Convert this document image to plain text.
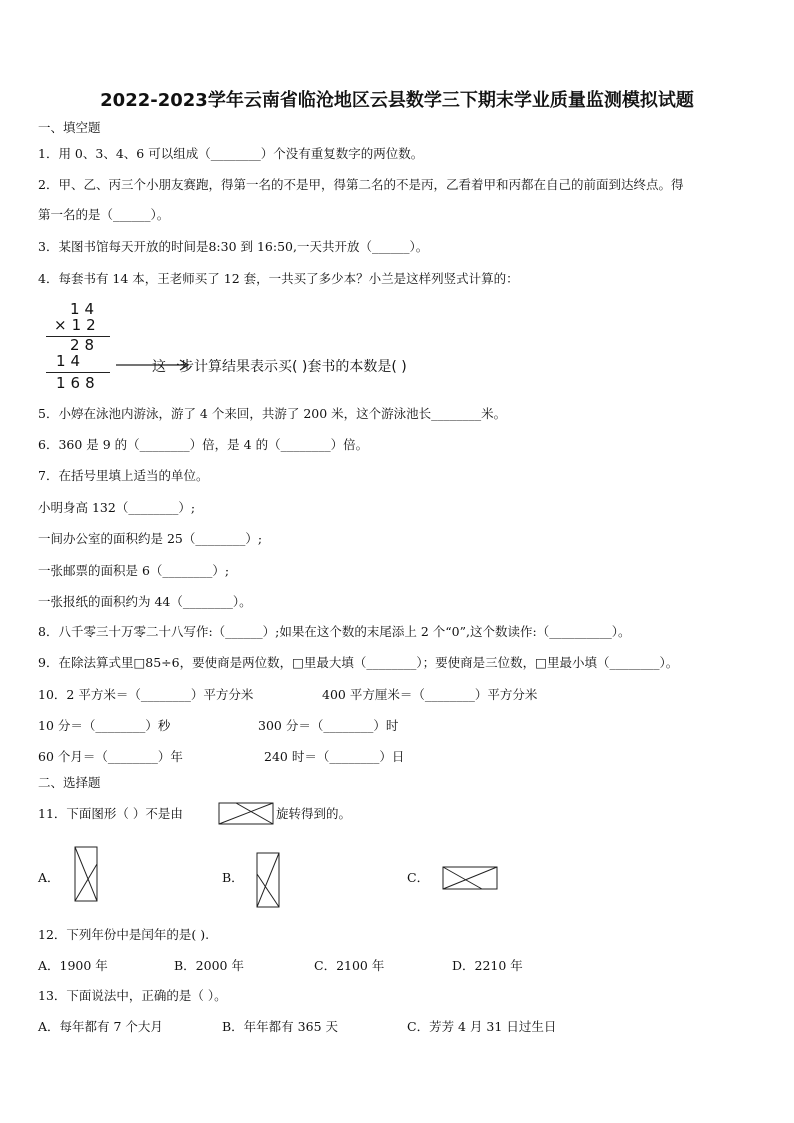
2022-2023学年云南省临沧地区云县数学三下期末学业质量监测模拟试题
一、填空题
1．用 0、3、4、6 可以组成（________）个没有重复数字的两位数。
2．甲、乙、丙三个小朋友赛跑，得第一名的不是甲，得第二名的不是丙，乙看着甲和丙都在自己的前面到达终点。得
第一名的是（______）。
3．某图书馆每天开放的时间是8:30 到 16:50,一天共开放（______）。
4．每套书有 14 本，王老师买了 12 套，一共买了多少本？小兰是这样列竖式计算的：
14
×12
28
14
168
这一步计算结果表示买( )套书的本数是( )
5．小婷在泳池内游泳，游了 4 个来回，共游了 200 米，这个游泳池长________米。
6．360 是 9 的（________）倍，是 4 的（________）倍。
7．在括号里填上适当的单位。
小明身高 132（________）;
一间办公室的面积约是 25（________）;
一张邮票的面积是 6（________）;
一张报纸的面积约为 44（________）。
8．八千零三十万零二十八写作:（______）;如果在这个数的末尾添上 2 个“0”,这个数读作:（__________）。
9．在除法算式里□85÷6，要使商是两位数，□里最大填（________）；要使商是三位数，□里最小填（________）。
10．2 平方米＝（________）平方分米	400 平方厘米＝（________）平方分米
10 分＝（________）秒	300 分＝（________）时
60 个月＝（________）年	240 时＝（________）日
二、选择题
11．下面图形（ ）不是由	旋转得到的。
A．	B．	C．
12．下列年份中是闰年的是( ).
A．1900 年	B．2000 年	C．2100 年	D．2210 年
13．下面说法中，正确的是（ ）。
A．每年都有 7 个大月	B．年年都有 365 天	C．芳芳 4 月 31 日过生日
